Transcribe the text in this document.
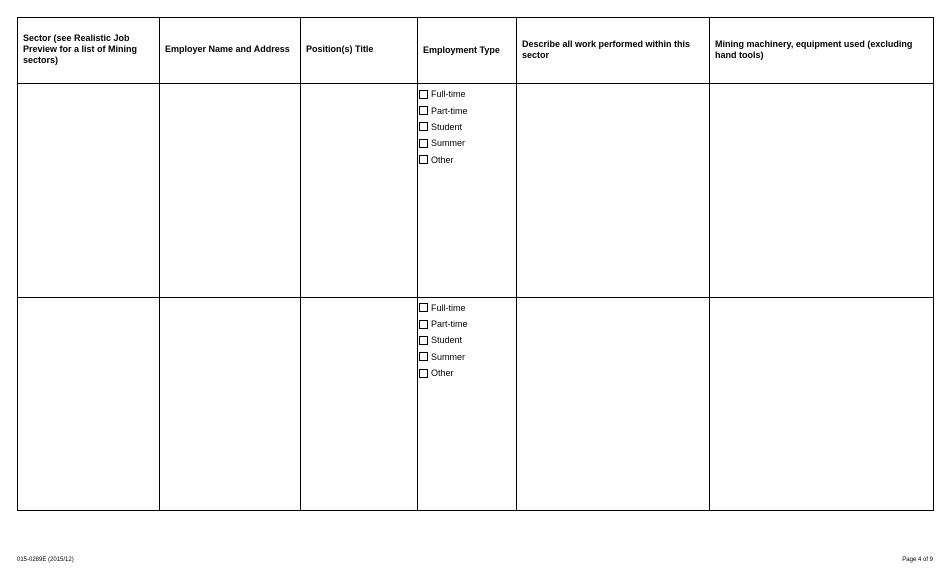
Sector (see Realistic Job Preview for a list of Mining sectors)	Employer Name and Address	Position(s) Title	Employment Type	Describe all work performed within this sector	Mining machinery, equipment used (excluding hand tools)

			Full-time
Part-time
Student
Summer
Other		

			Full-time
Part-time
Student
Summer
Other		

015-0289E (2015/12)	Page 4 of 9
